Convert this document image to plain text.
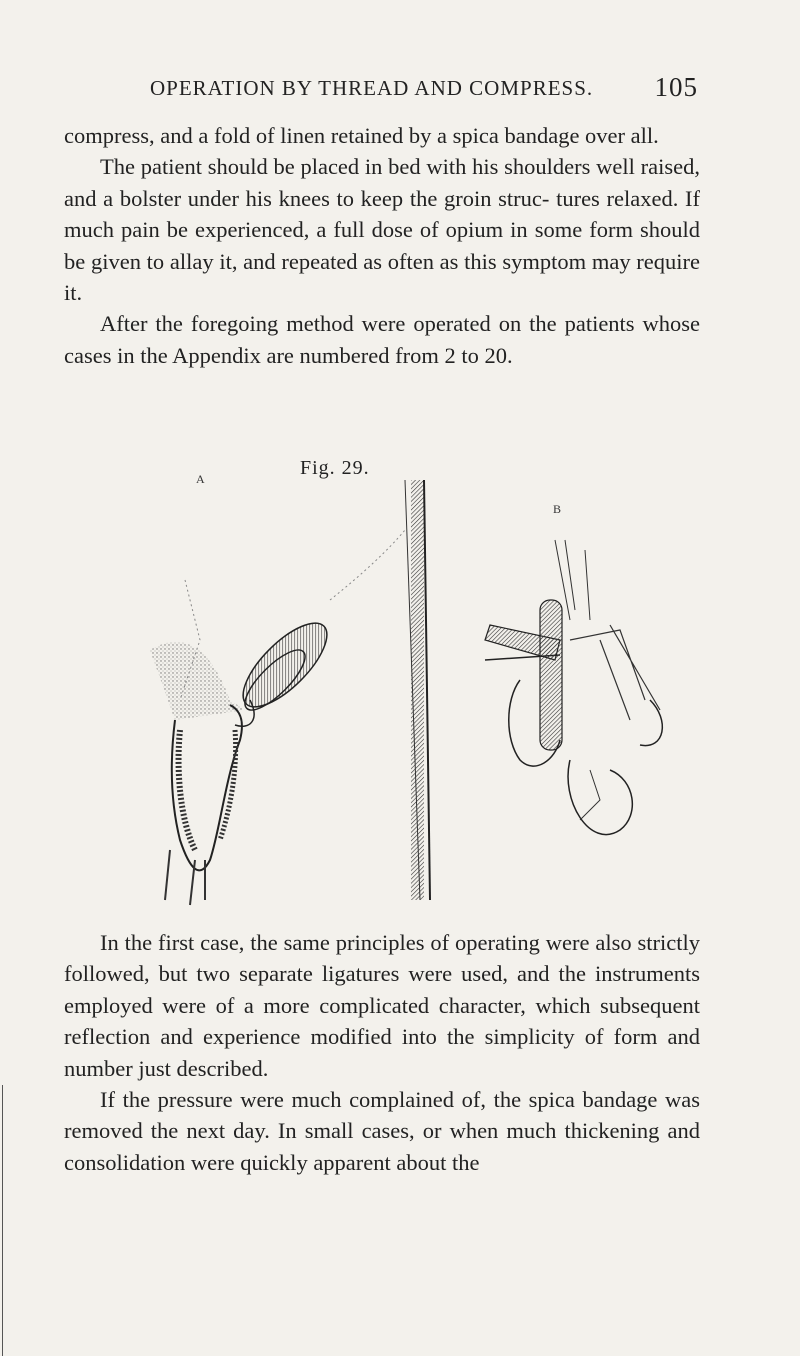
OPERATION BY THREAD AND COMPRESS. 105

compress, and a fold of linen retained by a spica bandage over all.

The patient should be placed in bed with his shoulders well raised, and a bolster under his knees to keep the groin struc- tures relaxed. If much pain be experienced, a full dose of opium in some form should be given to allay it, and repeated as often as this symptom may require it.

After the foregoing method were operated on the patients whose cases in the Appendix are numbered from 2 to 20.

Fig. 29.
A
B

In the first case, the same principles of operating were also strictly followed, but two separate ligatures were used, and the instruments employed were of a more complicated character, which subsequent reflection and experience modified into the simplicity of form and number just described.

If the pressure were much complained of, the spica bandage was removed the next day. In small cases, or when much thickening and consolidation were quickly apparent about the
